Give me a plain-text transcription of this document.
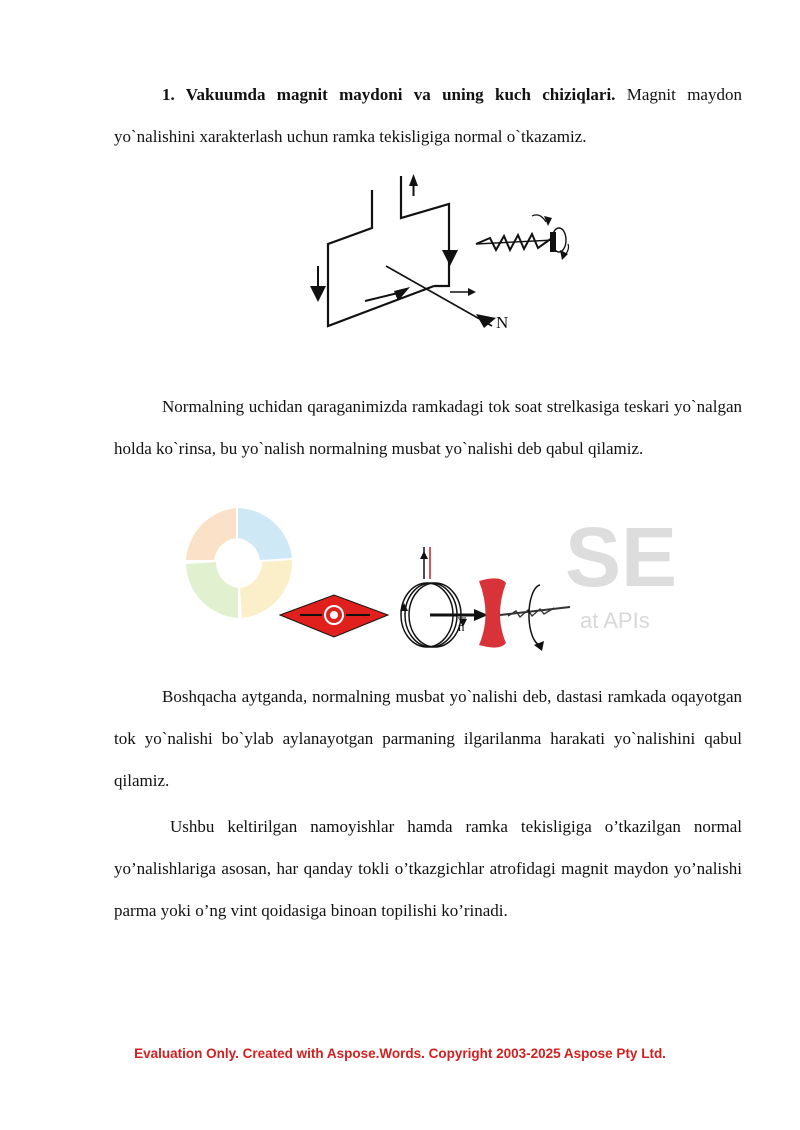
1. Vakuumda magnit maydoni va uning kuch chiziqlari. Magnit maydon yo`nalishini xarakterlash uchun ramka tekisligiga normal o`tkazamiz.

N

Normalning uchidan qaraganimizda ramkadagi tok soat strelkasiga teskari yo`nalgan holda ko`rinsa, bu yo`nalish normalning musbat yo`nalishi deb qabul qilamiz.

SE
at APIs
n

Boshqacha aytganda, normalning musbat yo`nalishi deb, dastasi ramkada oqayotgan tok yo`nalishi bo`ylab aylanayotgan parmaning ilgarilanma harakati yo`nalishini qabul qilamiz.

Ushbu keltirilgan namoyishlar hamda ramka tekisligiga o’tkazilgan normal yo’nalishlariga asosan, har qanday tokli o’tkazgichlar atrofidagi magnit maydon yo’nalishi parma yoki o’ng vint qoidasiga binoan topilishi ko’rinadi.

Evaluation Only. Created with Aspose.Words. Copyright 2003-2025 Aspose Pty Ltd.
